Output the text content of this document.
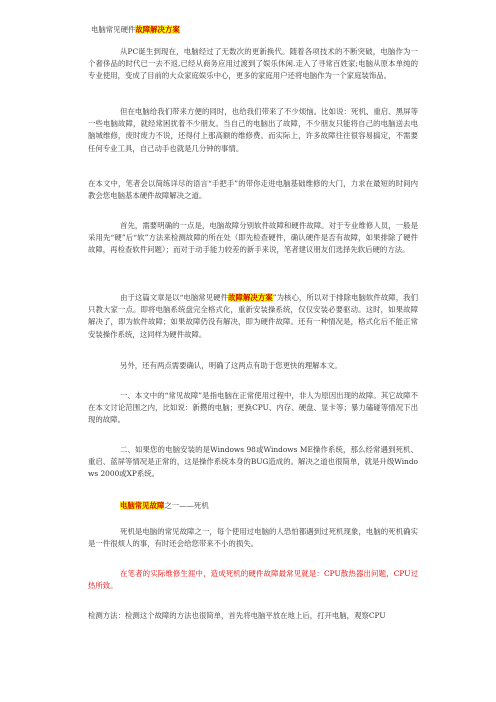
电脑常见硬件故障解决方案

从PC诞生到现在，电脑经过了无数次的更新换代。随着各项技术的不断突破，电脑作为一个奢侈品的时代已一去不返,已经从商务应用过渡到了娱乐休闲.走入了寻常百姓家;电脑从原本单纯的专业使用，变成了目前的大众家庭娱乐中心，更多的家庭用户还将电脑作为一个家庭装饰品。

但在电脑给我们带来方便的同时，也给我们带来了不少烦恼。比如说：死机、重启、黑屏等一些电脑故障，就经常困扰着不少朋友。当自己的电脑出了故障，不少朋友只能将自己的电脑送去电脑城维修，废时废力不说，还得付上那高额的维修费。而实际上，许多故障往往很容易搞定，不需要任何专业工具，自己动手也就是几分钟的事情。

在本文中，笔者会以简练详尽的语言“手把手”的带你走进电脑基础维修的大门，力求在最短的时间内教会您电脑基本硬件故障解决之道。

首先，需要明确的一点是，电脑故障分别软件故障和硬件故障。对于专业维修人员，一般是采用先“硬”后“软”方法来检测故障的所在处（即先检查硬件，确认硬件是否有故障，如果排除了硬件故障，再检查软件问题）；而对于动手能力较差的新手来说，笔者建议朋友们选择先软后硬的方法。

由于这篇文章是以“电脑常见硬件故障解决方案”为核心，所以对于排除电脑软件故障，我们只教大家一点。即将电脑系统盘完全格式化，重新安装操系统，仅仅安装必要驱动。这时，如果故障解决了，即为软件故障；如果故障仍没有解决，即为硬件故障。还有一种情况是，格式化后不能正常安装操作系统，这同样为硬件故障。

另外，还有两点需要确认，明确了这两点有助于您更快的理解本文。

一、本文中的“常见故障”是指电脑在正常使用过程中，非人为原因出现的故障。其它故障不在本文讨论范围之内，比如说：新攒的电脑；更换CPU、内存、硬盘、显卡等；暴力磕碰等情况下出现的故障。

二、如果您的电脑安装的是Windows 98或Windows ME操作系统，那么经常遇到死机、重启、蓝屏等情况是正常的，这是操作系统本身的BUG造成的。解决之道也很简单，就是升级Windows 2000或XP系统。

电脑常见故障之一——死机

死机是电脑的常见故障之一，每个使用过电脑的人恐怕都遇到过死机现象，电脑的死机确实是一件很烦人的事，有时还会给您带来不小的损失。

在笔者的实际维修生涯中，造成死机的硬件故障最常见就是：CPU散热器出问题，CPU过热所致。

检测方法：检测这个故障的方法也很简单，首先将电脑平放在地上后，打开电脑，观察CPU
